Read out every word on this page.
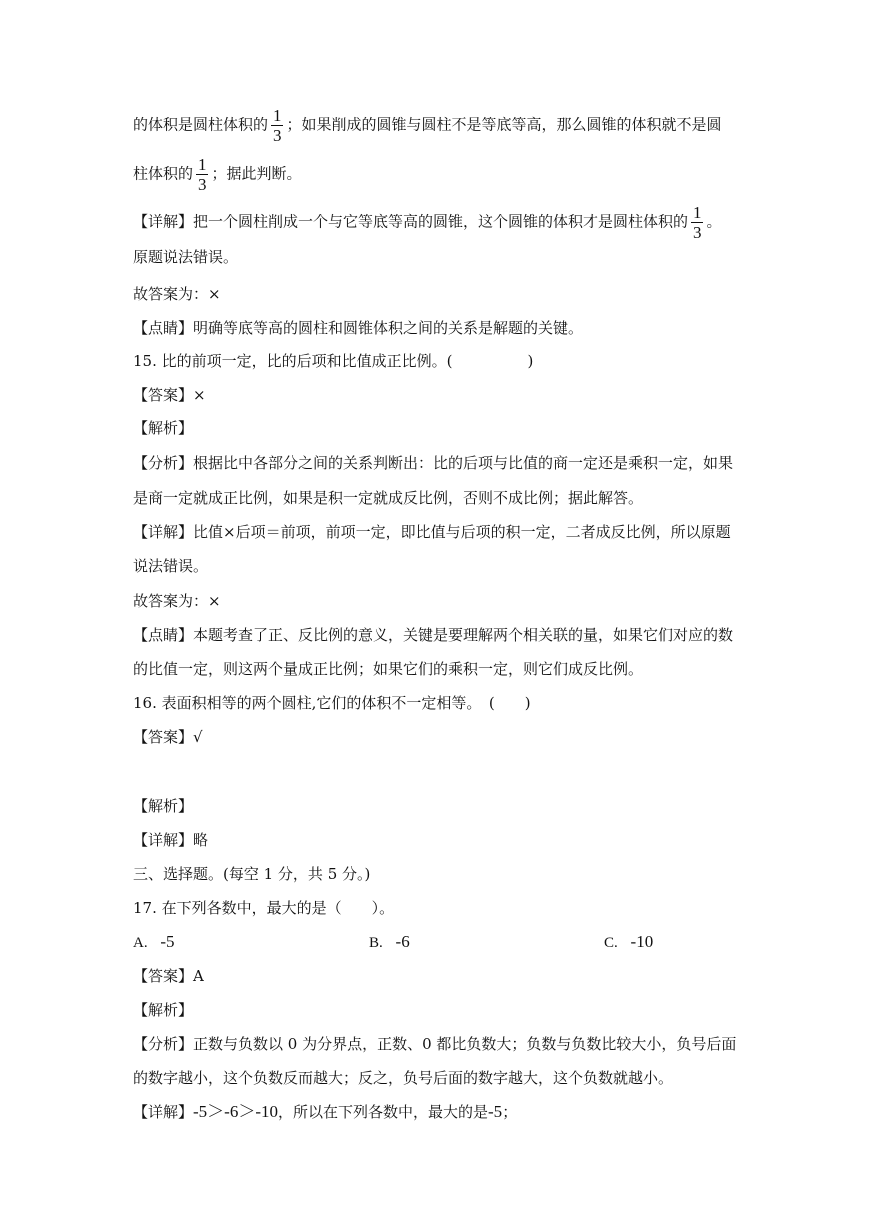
的体积是圆柱体积的 $\frac{1}{3}$ ；如果削成的圆锥与圆柱不是等底等高，那么圆锥的体积就不是圆
柱体积的 $\frac{1}{3}$ ；据此判断。
【详解】把一个圆柱削成一个与它等底等高的圆锥，这个圆锥的体积才是圆柱体积的 $\frac{1}{3}$ 。
原题说法错误。
故答案为：×
【点睛】明确等底等高的圆柱和圆锥体积之间的关系是解题的关键。
15. 比的前项一定，比的后项和比值成正比例。(　　　　　)
【答案】×
【解析】
【分析】根据比中各部分之间的关系判断出：比的后项与比值的商一定还是乘积一定，如果
是商一定就成正比例，如果是积一定就成反比例，否则不成比例；据此解答。
【详解】比值×后项＝前项，前项一定，即比值与后项的积一定，二者成反比例，所以原题
说法错误。
故答案为：×
【点睛】本题考查了正、反比例的意义，关键是要理解两个相关联的量，如果它们对应的数
的比值一定，则这两个量成正比例；如果它们的乘积一定，则它们成反比例。
16. 表面积相等的两个圆柱,它们的体积不一定相等。　(　　)
【答案】√
【解析】
【详解】略
三、选择题。(每空 1 分，共 5 分。)
17. 在下列各数中，最大的是（　　）。
A. -5	B. -6	C. -10
【答案】A
【解析】
【分析】正数与负数以 0 为分界点，正数、0 都比负数大；负数与负数比较大小，负号后面
的数字越小，这个负数反而越大；反之，负号后面的数字越大，这个负数就越小。
【详解】-5＞-6＞-10，所以在下列各数中，最大的是-5；
